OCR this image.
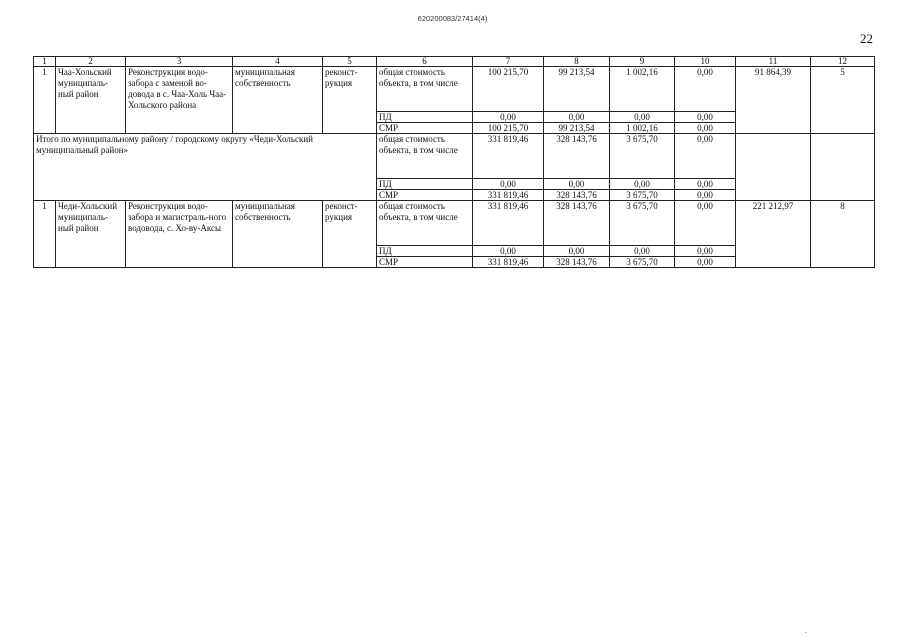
620200083/27414(4)
22
1	2	3	4	5	6	7	8	9	10	11	12
1	Чаа-Хольский муниципаль-ный район	Реконструкция водо-забора с заменой во-довода в с. Чаа-Холь Чаа-Хольского района	муниципальная собственность	реконст-рукция	общая стоимость объекта, в том числе	100 215,70	99 213,54	1 002,16	0,00	91 864,39	5
					ПД	0,00	0,00	0,00	0,00		
					СМР	100 215,70	99 213,54	1 002,16	0,00		
Итого по муниципальному району / городскому округу «Чеди-Хольский муниципальный район»					общая стоимость объекта, в том числе	331 819,46	328 143,76	3 675,70	0,00		
					ПД	0,00	0,00	0,00	0,00		
					СМР	331 819,46	328 143,76	3 675,70	0,00		
1	Чеди-Хольский муниципаль-ный район	Реконструкция водо-забора и магистраль-ного водовода, с. Хо-ву-Аксы	муниципальная собственность	реконст-рукция	общая стоимость объекта, в том числе	331 819,46	328 143,76	3 675,70	0,00	221 212,97	8
					ПД	0,00	0,00	0,00	0,00		
					СМР	331 819,46	328 143,76	3 675,70	0,00		
